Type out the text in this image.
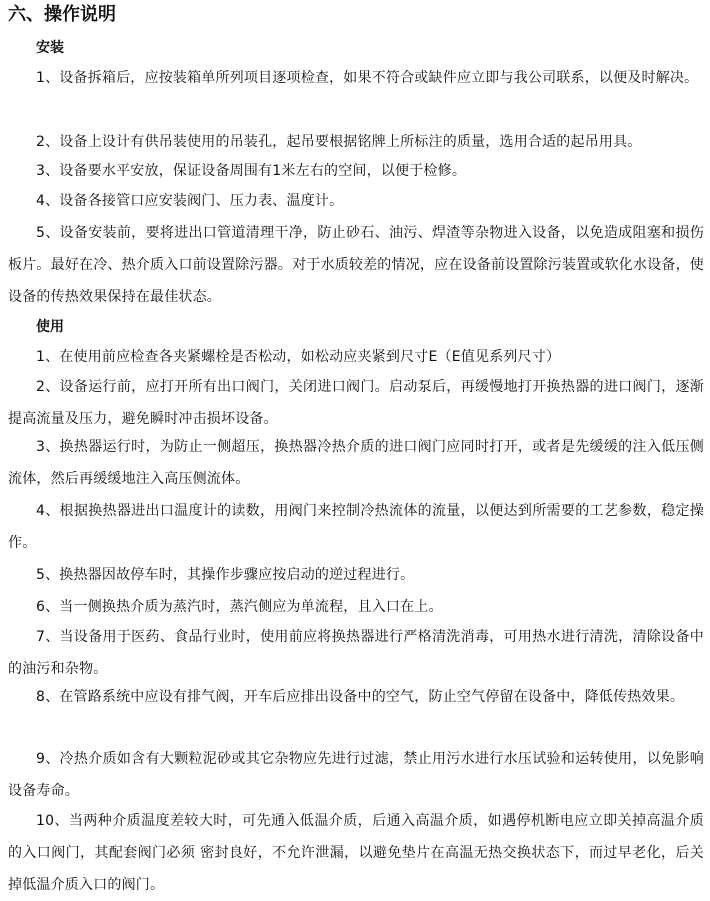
六、操作说明
安装
1、设备拆箱后，应按装箱单所列项目逐项检查，如果不符合或缺件应立即与我公司联系，以便及时解决。
2、设备上设计有供吊装使用的吊装孔，起吊要根据铭牌上所标注的质量，选用合适的起吊用具。
3、设备要水平安放，保证设备周围有1米左右的空间，以便于检修。
4、设备各接管口应安装阀门、压力表、温度计。
5、设备安装前，要将进出口管道清理干净，防止砂石、油污、焊渣等杂物进入设备，以免造成阻塞和损伤板片。最好在冷、热介质入口前设置除污器。对于水质较差的情况，应在设备前设置除污装置或软化水设备，使设备的传热效果保持在最佳状态。
使用
1、在使用前应检查各夹紧螺栓是否松动，如松动应夹紧到尺寸E（E值见系列尺寸）
2、设备运行前，应打开所有出口阀门，关闭进口阀门。启动泵后，再缓慢地打开换热器的进口阀门，逐渐提高流量及压力，避免瞬时冲击损坏设备。
3、换热器运行时，为防止一侧超压，换热器冷热介质的进口阀门应同时打开，或者是先缓缓的注入低压侧流体，然后再缓缓地注入高压侧流体。
4、根据换热器进出口温度计的读数，用阀门来控制冷热流体的流量，以便达到所需要的工艺参数，稳定操作。
5、换热器因故停车时，其操作步骤应按启动的逆过程进行。
6、当一侧换热介质为蒸汽时，蒸汽侧应为单流程，且入口在上。
7、当设备用于医药、食品行业时，使用前应将换热器进行严格清洗消毒，可用热水进行清洗，清除设备中的油污和杂物。
8、在管路系统中应设有排气阀，开车后应排出设备中的空气，防止空气停留在设备中，降低传热效果。
9、冷热介质如含有大颗粒泥砂或其它杂物应先进行过滤，禁止用污水进行水压试验和运转使用，以免影响设备寿命。
10、当两种介质温度差较大时，可先通入低温介质，后通入高温介质，如遇停机断电应立即关掉高温介质的入口阀门，其配套阀门必须 密封良好，不允许泄漏，以避免垫片在高温无热交换状态下，而过早老化，后关掉低温介质入口的阀门。
